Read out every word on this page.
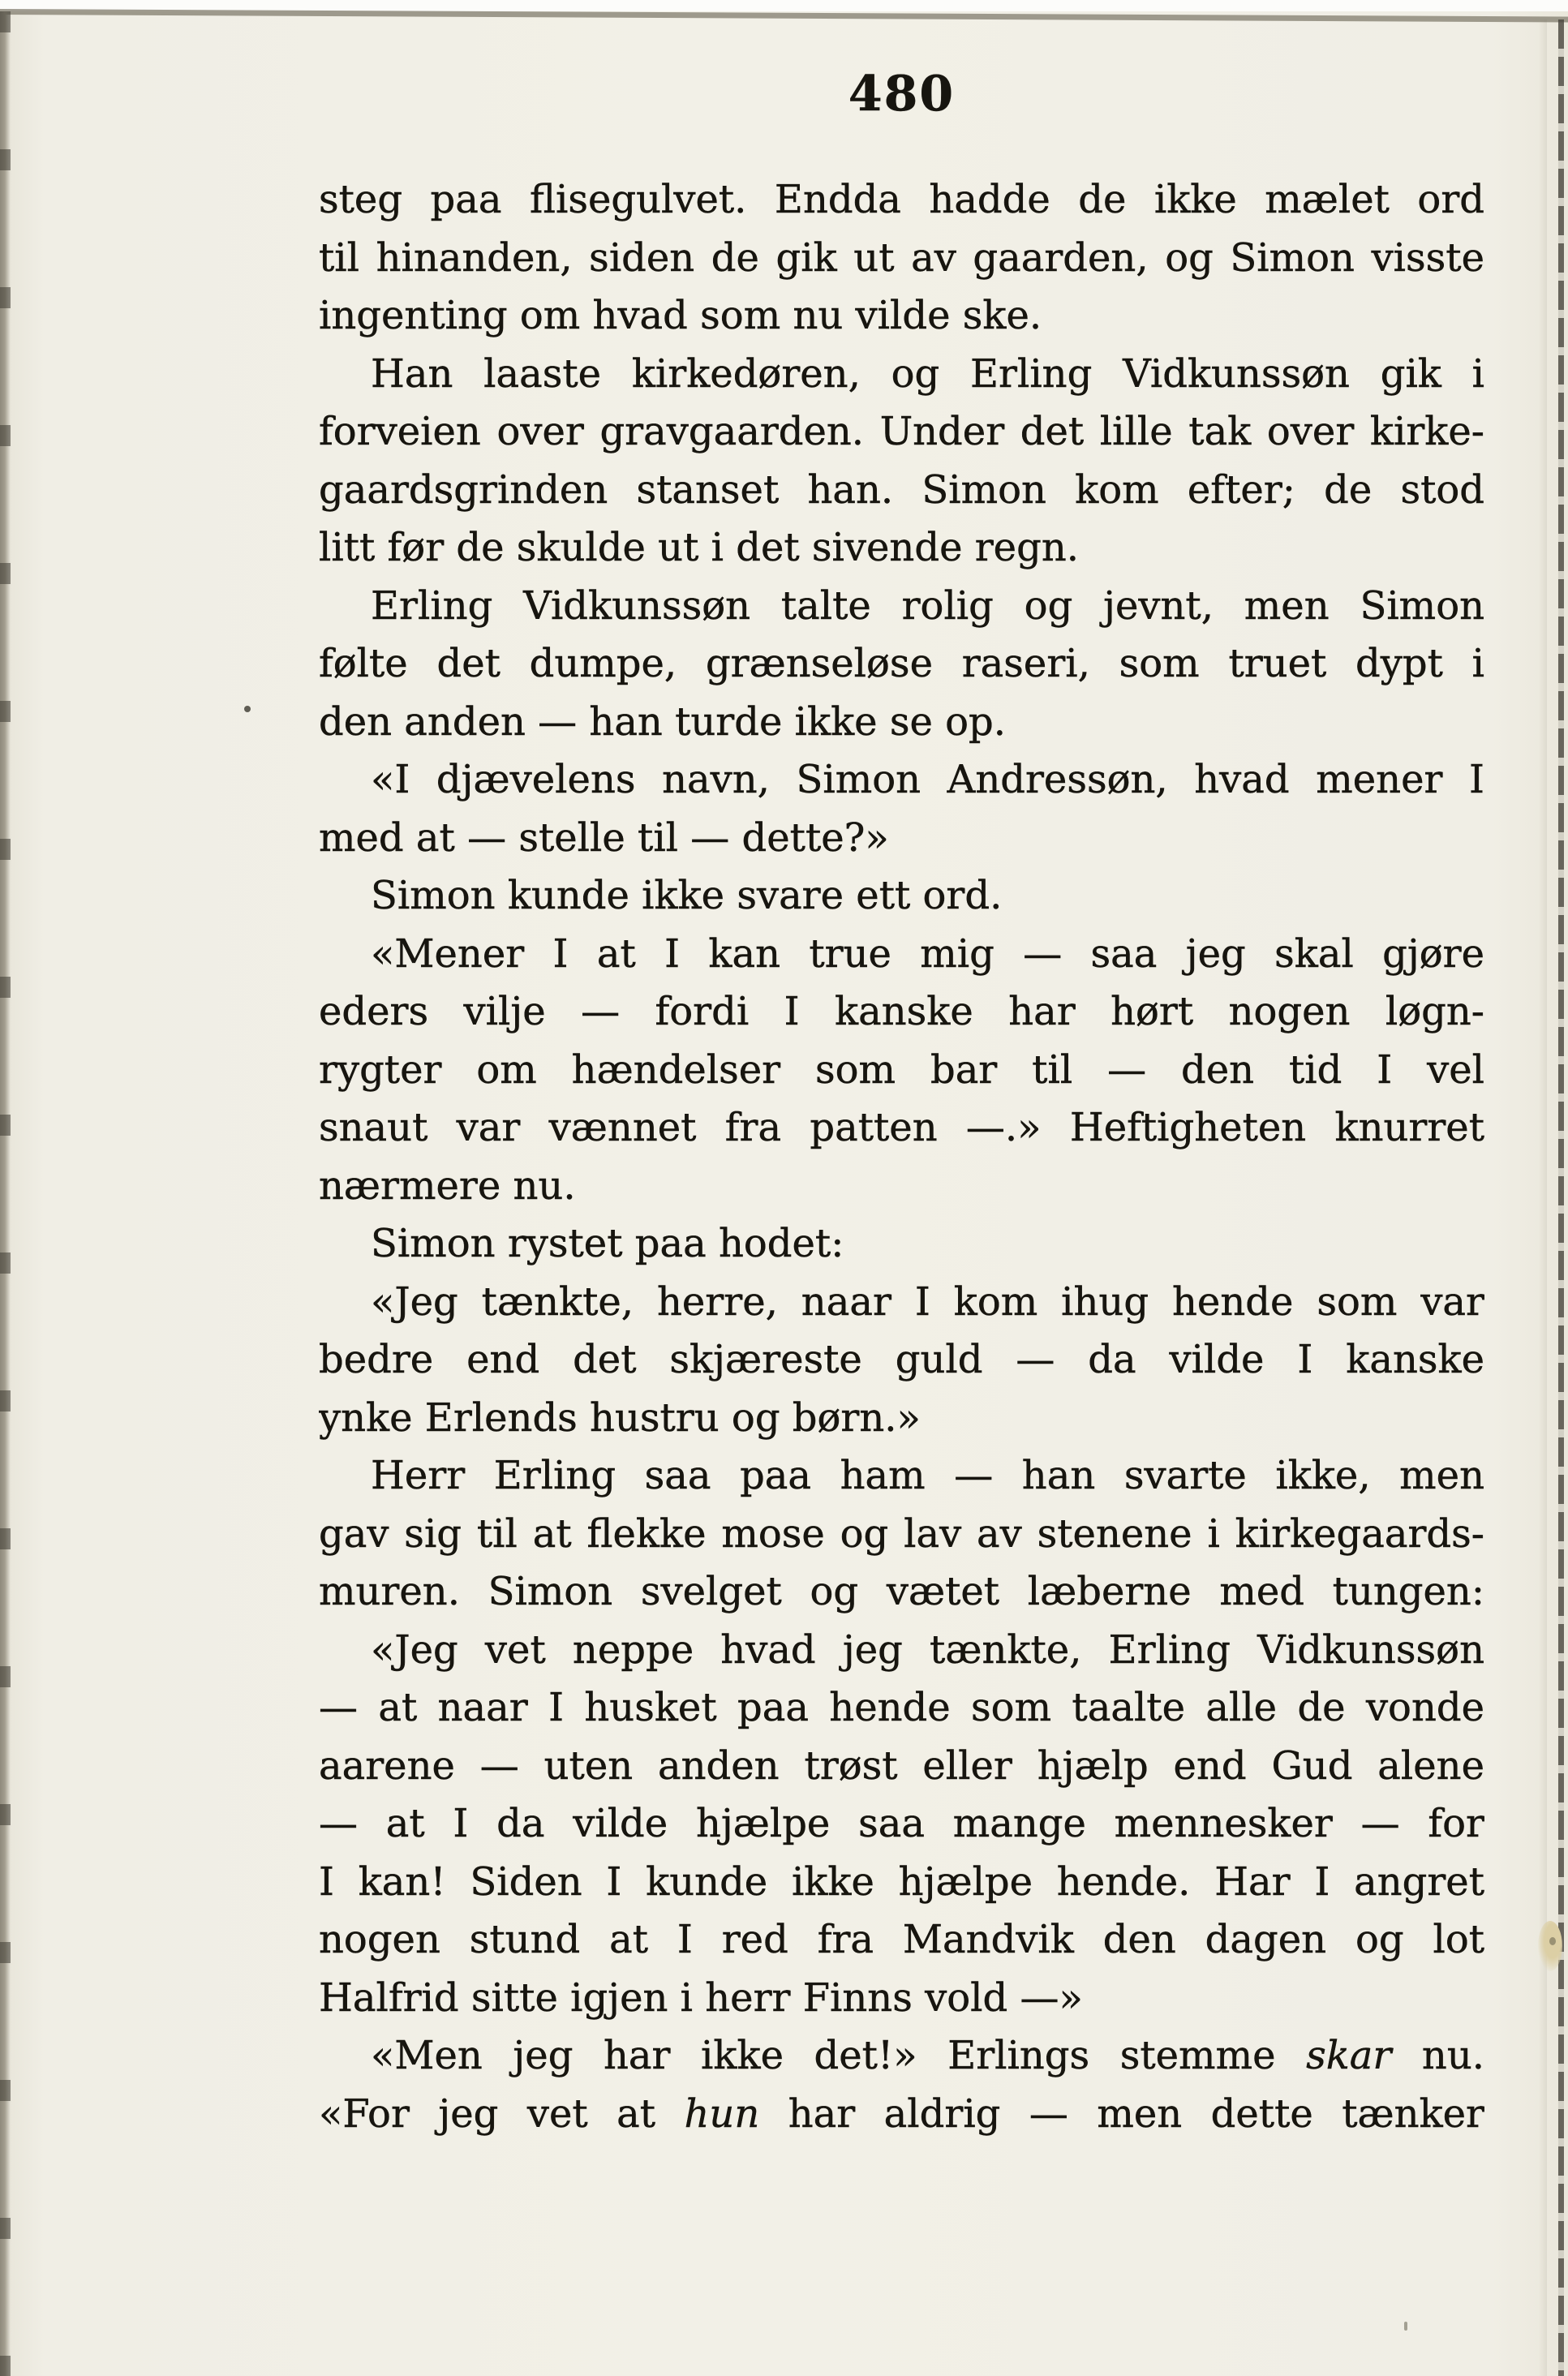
480
steg paa flisegulvet. Endda hadde de ikke mælet ord
til hinanden, siden de gik ut av gaarden, og Simon visste
ingenting om hvad som nu vilde ske.
Han laaste kirkedøren, og Erling Vidkunssøn gik i
forveien over gravgaarden. Under det lille tak over kirke-
gaardsgrinden stanset han. Simon kom efter; de stod
litt før de skulde ut i det sivende regn.
Erling Vidkunssøn talte rolig og jevnt, men Simon
følte det dumpe, grænseløse raseri, som truet dypt i
den anden — han turde ikke se op.
«I djævelens navn, Simon Andressøn, hvad mener I
med at — stelle til — dette?»
Simon kunde ikke svare ett ord.
«Mener I at I kan true mig — saa jeg skal gjøre
eders vilje — fordi I kanske har hørt nogen løgn-
rygter om hændelser som bar til — den tid I vel
snaut var vænnet fra patten —.» Heftigheten knurret
nærmere nu.
Simon rystet paa hodet:
«Jeg tænkte, herre, naar I kom ihug hende som var
bedre end det skjæreste guld — da vilde I kanske
ynke Erlends hustru og børn.»
Herr Erling saa paa ham — han svarte ikke, men
gav sig til at flekke mose og lav av stenene i kirkegaards-
muren. Simon svelget og vætet læberne med tungen:
«Jeg vet neppe hvad jeg tænkte, Erling Vidkunssøn
— at naar I husket paa hende som taalte alle de vonde
aarene — uten anden trøst eller hjælp end Gud alene
— at I da vilde hjælpe saa mange mennesker — for
I kan! Siden I kunde ikke hjælpe hende. Har I angret
nogen stund at I red fra Mandvik den dagen og lot
Halfrid sitte igjen i herr Finns vold —»
«Men jeg har ikke det!» Erlings stemme skar nu.
«For jeg vet at hun har aldrig — men dette tænker
